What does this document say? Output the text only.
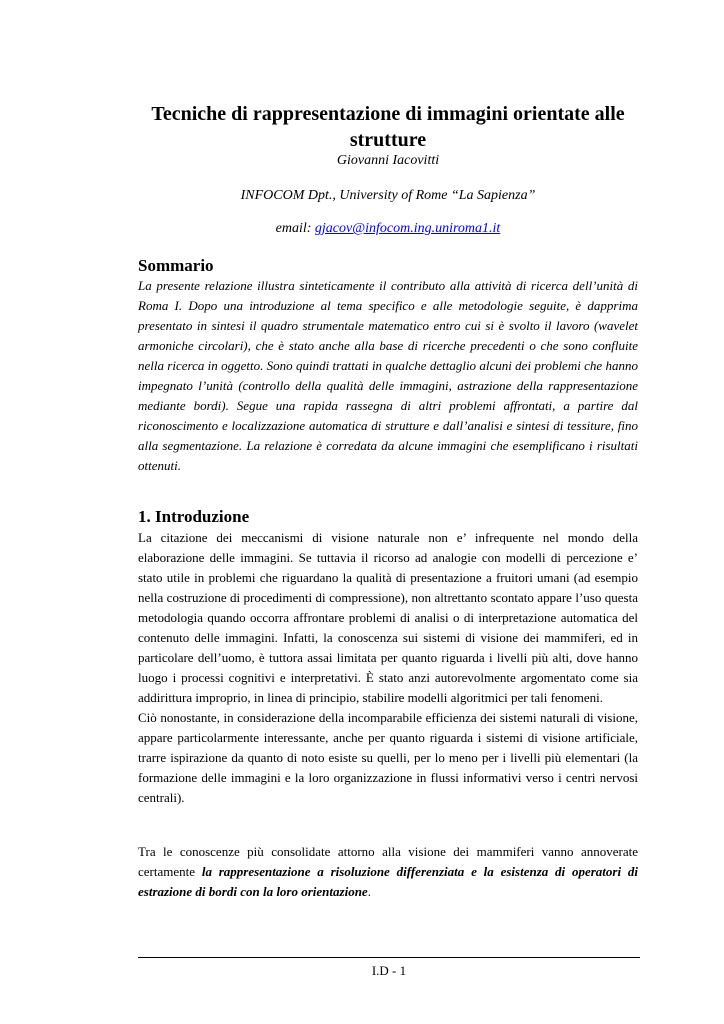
Tecniche di rappresentazione di immagini orientate alle strutture
Giovanni Iacovitti
INFOCOM Dpt., University of Rome “La Sapienza”
email: gjacov@infocom.ing.uniroma1.it
Sommario

La presente relazione illustra sinteticamente il contributo alla attività di ricerca dell’unità di Roma I. Dopo una introduzione al tema specifico e alle metodologie seguite, è dapprima presentato in sintesi il quadro strumentale matematico entro cui si è svolto il lavoro (wavelet armoniche circolari), che è stato anche alla base di ricerche precedenti o che sono confluite nella ricerca in oggetto. Sono quindi trattati in qualche dettaglio alcuni dei problemi che hanno impegnato l’unità (controllo della qualità delle immagini, astrazione della rappresentazione mediante bordi). Segue una rapida rassegna di altri problemi affrontati, a partire dal riconoscimento e localizzazione automatica di strutture e dall’analisi e sintesi di tessiture, fino alla segmentazione. La relazione è corredata da alcune immagini che esemplificano i risultati ottenuti.

1. Introduzione

La citazione dei meccanismi di visione naturale non e’ infrequente nel mondo della elaborazione delle immagini. Se tuttavia il ricorso ad analogie con modelli di percezione e’ stato utile in problemi che riguardano la qualità di presentazione a fruitori umani (ad esempio nella costruzione di procedimenti di compressione), non altrettanto scontato appare l’uso questa metodologia quando occorra affrontare problemi di analisi o di interpretazione automatica del contenuto delle immagini. Infatti, la conoscenza sui sistemi di visione dei mammiferi, ed in particolare dell’uomo, è tuttora assai limitata per quanto riguarda i livelli più alti, dove hanno luogo i processi cognitivi e interpretativi. È stato anzi autorevolmente argomentato come sia addirittura improprio, in linea di principio, stabilire modelli algoritmici per tali fenomeni.

Ciò nonostante, in considerazione della incomparabile efficienza dei sistemi naturali di visione, appare particolarmente interessante, anche per quanto riguarda i sistemi di visione artificiale, trarre ispirazione da quanto di noto esiste su quelli, per lo meno per i livelli più elementari (la formazione delle immagini e la loro organizzazione in flussi informativi verso i centri nervosi centrali).

Tra le conoscenze più consolidate attorno alla visione dei mammiferi vanno annoverate certamente la rappresentazione a risoluzione differenziata e la esistenza di operatori di estrazione di bordi con la loro orientazione.

I.D - 1
